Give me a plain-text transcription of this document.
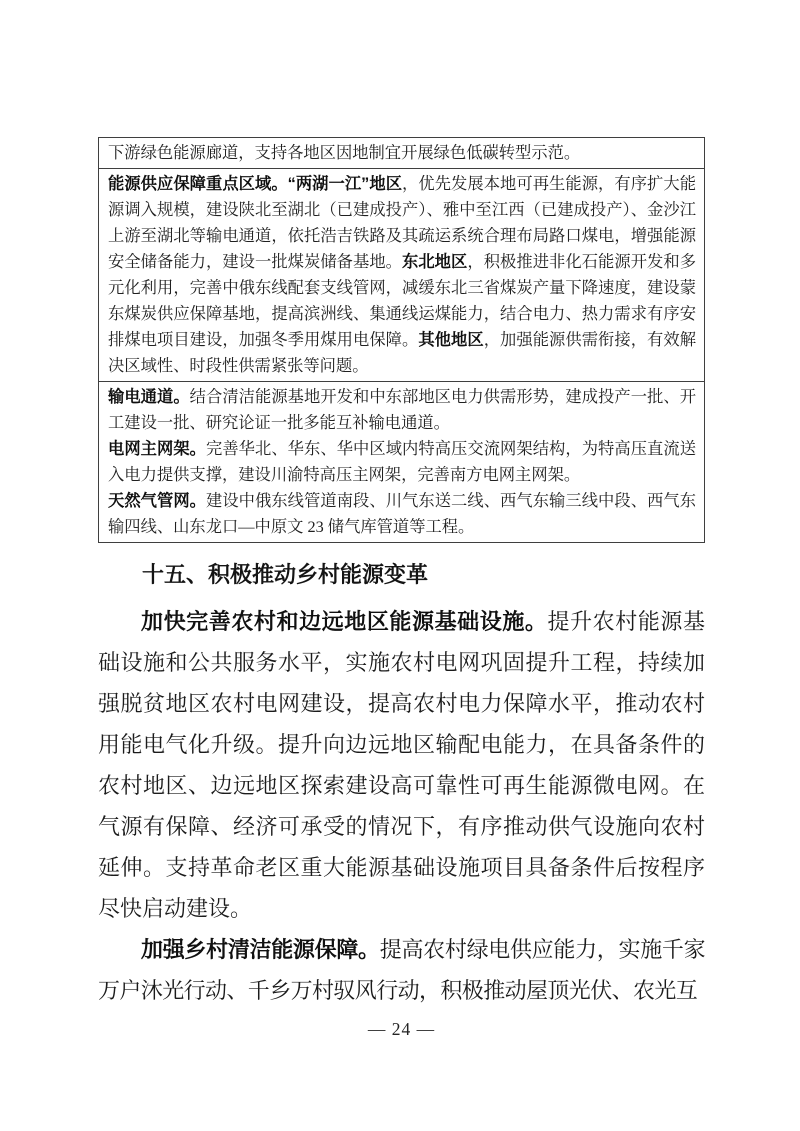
下游绿色能源廊道，支持各地区因地制宜开展绿色低碳转型示范。

能源供应保障重点区域。“两湖一江”地区，优先发展本地可再生能源，有序扩大能源调入规模，建设陕北至湖北（已建成投产）、雅中至江西（已建成投产）、金沙江上游至湖北等输电通道，依托浩吉铁路及其疏运系统合理布局路口煤电，增强能源安全储备能力，建设一批煤炭储备基地。东北地区，积极推进非化石能源开发和多元化利用，完善中俄东线配套支线管网，减缓东北三省煤炭产量下降速度，建设蒙东煤炭供应保障基地，提高滨洲线、集通线运煤能力，结合电力、热力需求有序安排煤电项目建设，加强冬季用煤用电保障。其他地区，加强能源供需衔接，有效解决区域性、时段性供需紧张等问题。

输电通道。结合清洁能源基地开发和中东部地区电力供需形势，建成投产一批、开工建设一批、研究论证一批多能互补输电通道。

电网主网架。完善华北、华东、华中区域内特高压交流网架结构，为特高压直流送入电力提供支撑，建设川渝特高压主网架，完善南方电网主网架。

天然气管网。建设中俄东线管道南段、川气东送二线、西气东输三线中段、西气东输四线、山东龙口—中原文 23 储气库管道等工程。

十五、积极推动乡村能源变革

加快完善农村和边远地区能源基础设施。提升农村能源基础设施和公共服务水平，实施农村电网巩固提升工程，持续加强脱贫地区农村电网建设，提高农村电力保障水平，推动农村用能电气化升级。提升向边远地区输配电能力，在具备条件的农村地区、边远地区探索建设高可靠性可再生能源微电网。在气源有保障、经济可承受的情况下，有序推动供气设施向农村延伸。支持革命老区重大能源基础设施项目具备条件后按程序尽快启动建设。

加强乡村清洁能源保障。提高农村绿电供应能力，实施千家万户沐光行动、千乡万村驭风行动，积极推动屋顶光伏、农光互

— 24 —
